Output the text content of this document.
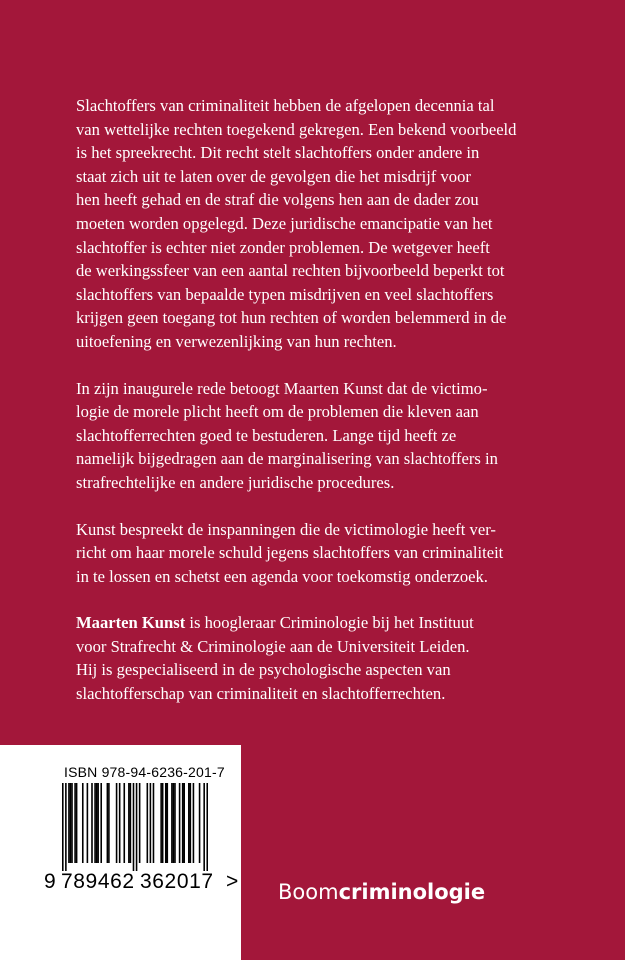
Slachtoffers van criminaliteit hebben de afgelopen decennia tal
van wettelijke rechten toegekend gekregen. Een bekend voorbeeld
is het spreekrecht. Dit recht stelt slachtoffers onder andere in
staat zich uit te laten over de gevolgen die het misdrijf voor
hen heeft gehad en de straf die volgens hen aan de dader zou
moeten worden opgelegd. Deze juridische emancipatie van het
slachtoffer is echter niet zonder problemen. De wetgever heeft
de werkingssfeer van een aantal rechten bijvoorbeeld beperkt tot
slachtoffers van bepaalde typen misdrijven en veel slachtoffers
krijgen geen toegang tot hun rechten of worden belemmerd in de
uitoefening en verwezenlijking van hun rechten.

In zijn inaugurele rede betoogt Maarten Kunst dat de victimo-
logie de morele plicht heeft om de problemen die kleven aan
slachtofferrechten goed te bestuderen. Lange tijd heeft ze
namelijk bijgedragen aan de marginalisering van slachtoffers in
strafrechtelijke en andere juridische procedures.

Kunst bespreekt de inspanningen die de victimologie heeft ver-
richt om haar morele schuld jegens slachtoffers van criminaliteit
in te lossen en schetst een agenda voor toekomstig onderzoek.

Maarten Kunst is hoogleraar Criminologie bij het Instituut
voor Strafrecht & Criminologie aan de Universiteit Leiden.
Hij is gespecialiseerd in de psychologische aspecten van
slachtofferschap van criminaliteit en slachtofferrechten.

ISBN 978-94-6236-201-7
9 789462 362017 > Boomcriminologie
